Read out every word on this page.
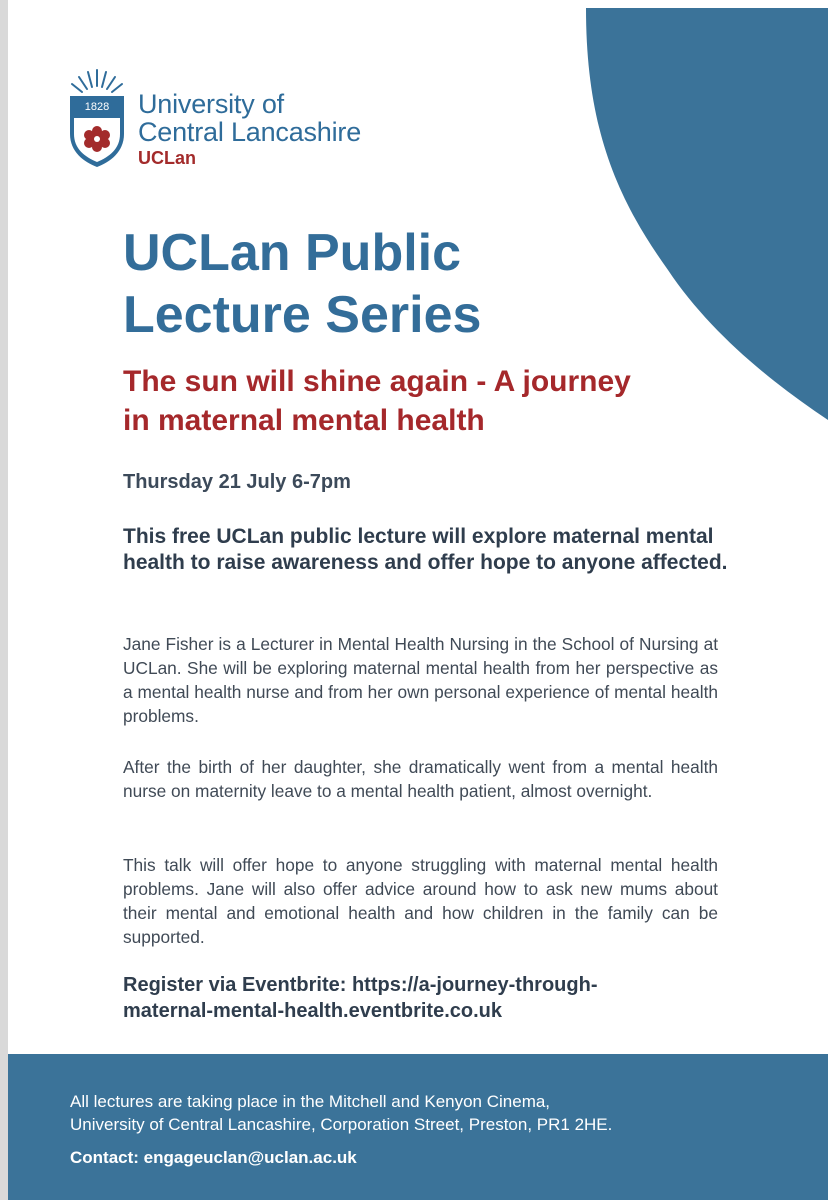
1828 University of
Central Lancashire
UCLan
UCLan Public
Lecture Series
The sun will shine again - A journey
in maternal mental health
Thursday 21 July 6-7pm

This free UCLan public lecture will explore maternal mental health to raise awareness and offer hope to anyone affected.

Jane Fisher is a Lecturer in Mental Health Nursing in the School of Nursing at UCLan. She will be exploring maternal mental health from her perspective as a mental health nurse and from her own personal experience of mental health problems.

After the birth of her daughter, she dramatically went from a mental health nurse on maternity leave to a mental health patient, almost overnight.

This talk will offer hope to anyone struggling with maternal mental health problems. Jane will also offer advice around how to ask new mums about their mental and emotional health and how children in the family can be supported.

Register via Eventbrite: https://a-journey-through-
maternal-mental-health.eventbrite.co.uk
All lectures are taking place in the Mitchell and Kenyon Cinema,
University of Central Lancashire, Corporation Street, Preston, PR1 2HE.
Contact: engageuclan@uclan.ac.uk
